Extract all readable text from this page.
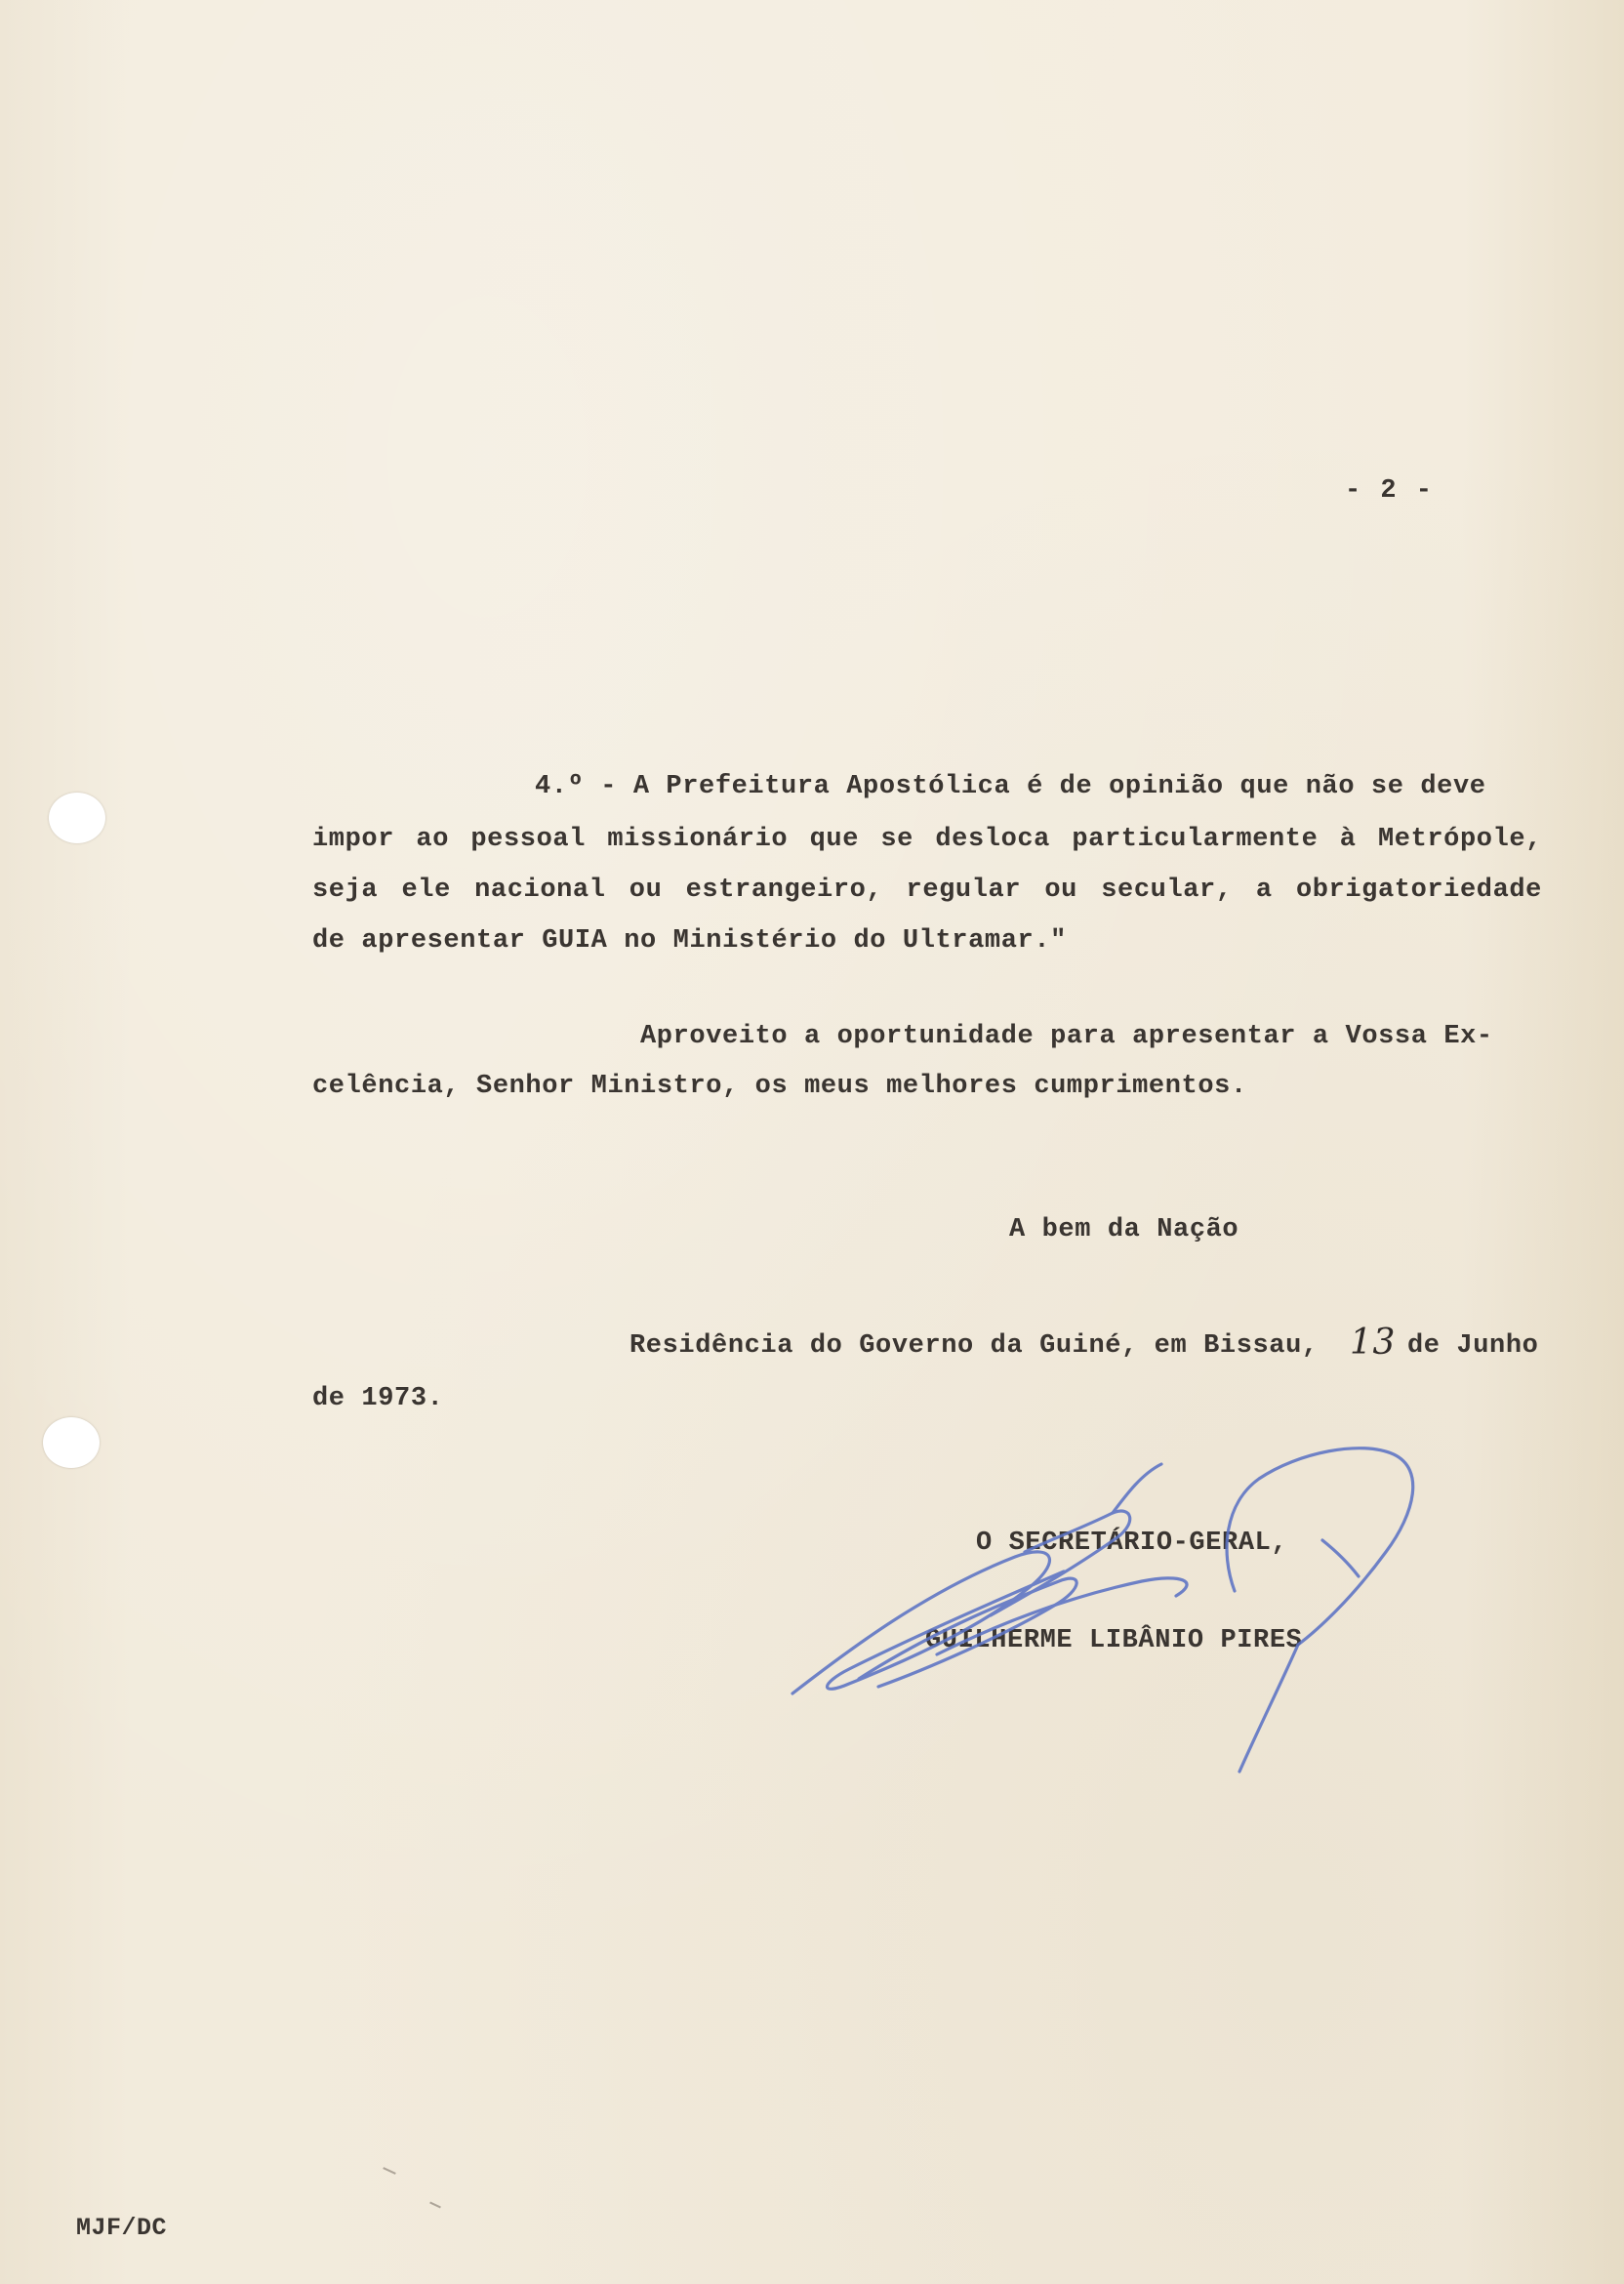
- 2 -
4.º - A Prefeitura Apostólica é de opinião que não se deve
impor ao pessoal missionário que se desloca particularmente à Metrópole,
seja ele nacional ou estrangeiro, regular ou secular, a obrigatoriedade
de apresentar GUIA no Ministério do Ultramar."
Aproveito a oportunidade para apresentar a Vossa Ex-
celência, Senhor Ministro, os meus melhores cumprimentos.
A bem da Nação
Residência do Governo da Guiné, em Bissau, 13 de Junho
de 1973.
O SECRETÁRIO-GERAL,
GUILHERME LIBÂNIO PIRES
MJF/DC
